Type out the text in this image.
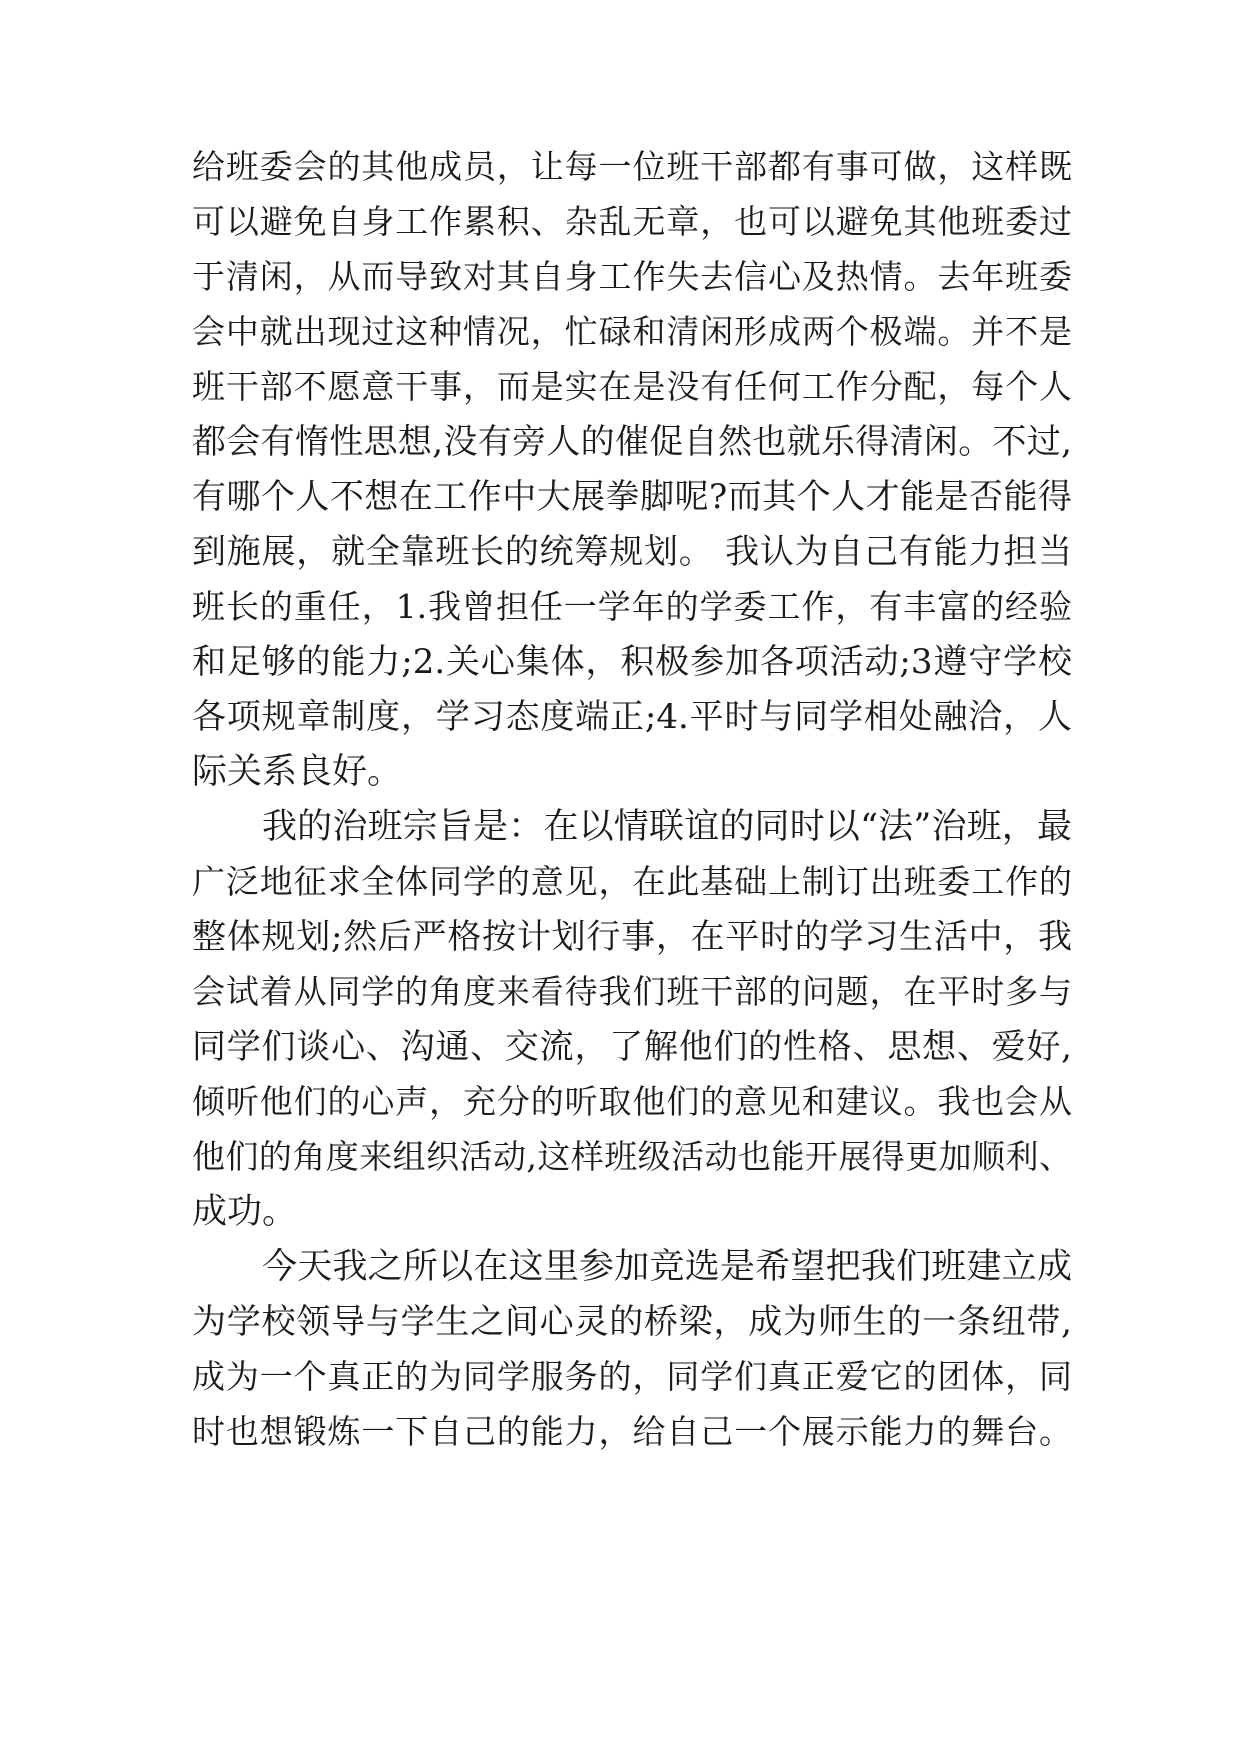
给班委会的其他成员，让每一位班干部都有事可做，这样既
可以避免自身工作累积、杂乱无章，也可以避免其他班委过
于清闲，从而导致对其自身工作失去信心及热情。去年班委
会中就出现过这种情况，忙碌和清闲形成两个极端。并不是
班干部不愿意干事，而是实在是没有任何工作分配，每个人
都会有惰性思想,没有旁人的催促自然也就乐得清闲。不过,
有哪个人不想在工作中大展拳脚呢?而其个人才能是否能得
到施展，就全靠班长的统筹规划。 我认为自己有能力担当
班长的重任，1.我曾担任一学年的学委工作，有丰富的经验
和足够的能力;2.关心集体，积极参加各项活动;3遵守学校
各项规章制度，学习态度端正;4.平时与同学相处融洽，人
际关系良好。
我的治班宗旨是：在以情联谊的同时以“法”治班，最
广泛地征求全体同学的意见，在此基础上制订出班委工作的
整体规划;然后严格按计划行事，在平时的学习生活中，我
会试着从同学的角度来看待我们班干部的问题，在平时多与
同学们谈心、沟通、交流，了解他们的性格、思想、爱好,
倾听他们的心声，充分的听取他们的意见和建议。我也会从
他们的角度来组织活动,这样班级活动也能开展得更加顺利、
成功。
今天我之所以在这里参加竞选是希望把我们班建立成
为学校领导与学生之间心灵的桥梁，成为师生的一条纽带,
成为一个真正的为同学服务的，同学们真正爱它的团体，同
时也想锻炼一下自己的能力，给自己一个展示能力的舞台。
